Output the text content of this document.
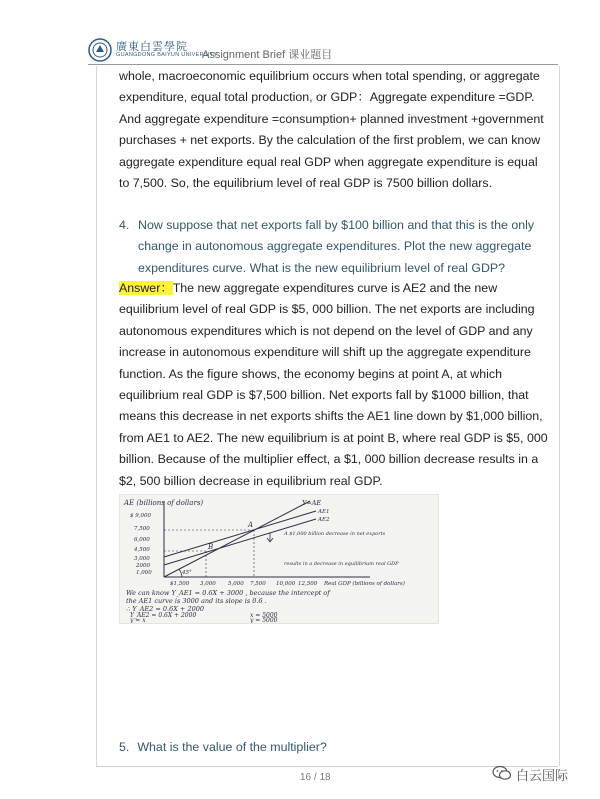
廣東白雲學院
GUANGDONG BAIYUN UNIVERSITY
Assignment Brief 课业题目
whole, macroeconomic equilibrium occurs when total spending, or aggregate expenditure, equal total production, or GDP：Aggregate expenditure =GDP. And aggregate expenditure =consumption+ planned investment +government purchases + net exports. By the calculation of the first problem, we can know aggregate expenditure equal real GDP when aggregate expenditure is equal to 7,500. So, the equilibrium level of real GDP is 7500 billion dollars.
4. Now suppose that net exports fall by $100 billion and that this is the only change in autonomous aggregate expenditures. Plot the new aggregate expenditures curve. What is the new equilibrium level of real GDP?
Answer：The new aggregate expenditures curve is AE2 and the new equilibrium level of real GDP is $5, 000 billion. The net exports are including autonomous expenditures which is not depend on the level of GDP and any increase in autonomous expenditure will shift up the aggregate expenditure function. As the figure shows, the economy begins at point A, at which equilibrium real GDP is $7,500 billion. Net exports fall by $1000 billion, that means this decrease in net exports shifts the AE1 line down by $1,000 billion, from AE1 to AE2. The new equilibrium is at point B, where real GDP is $5, 000 billion. Because of the multiplier effect, a $1, 000 billion decrease results in a $2, 500 billion decrease in equilibrium real GDP.
AE (billions of dollars)
$ 9,000
7,500
6,000
4,500
3,000
2000
1,000
$1,500 3,000 5,000 7,500 10,000 12,500 Real GDP (billions of dollars)
Y=AE
AE1
AE2
A
B
45°
A $1,000 billion decrease in net exports
results in a decrease in equilibrium real GDP
We can know Y_AE1 = 0.6X + 3000 , because the intercept of
the AE1 curve is 3000 and its slope is 0.6 .
∴ Y_AE2 = 0.6X + 2000
Y_AE2 = 0.6X + 2000
y = x
x = 5000
y = 5000
5. What is the value of the multiplier?
16 / 18	白云国际
